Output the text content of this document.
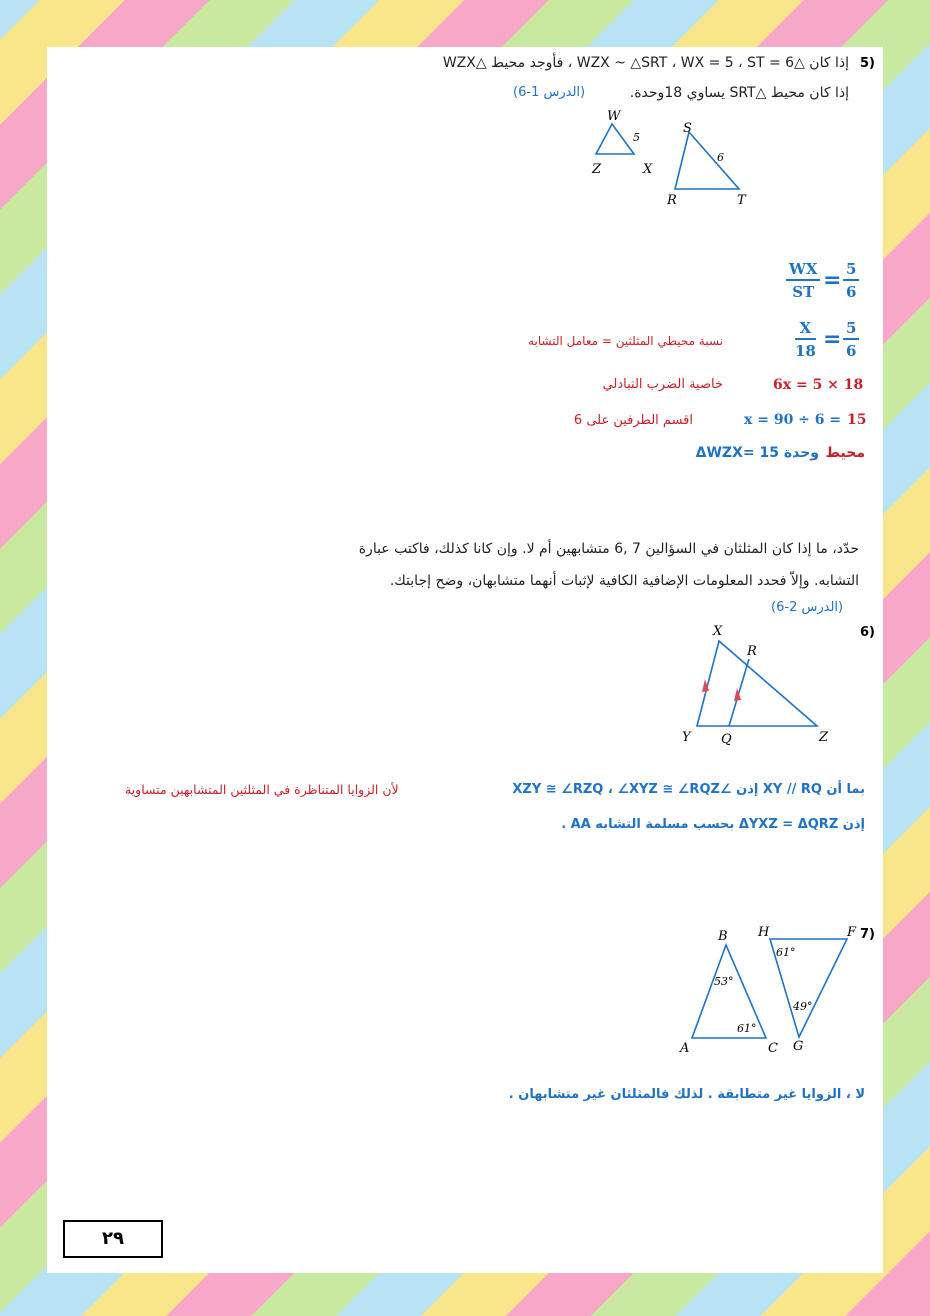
5)
إذا كان △WZX ~ △SRT ، WX = 5 ، ST = 6 ، فأوجد محيط △WZX
إذا كان محيط △SRT يساوي 18وحدة.
(الدرس 1-6)
W
5
Z	X
S
6
R	T
$\frac{WX}{ST} = \frac{5}{6}$
$\frac{X}{18} = \frac{5}{6}$
نسبة محيطي المثلثين = معامل التشابه
6x = 5 × 18
خاصية الضرب التبادلي
x = 90 ÷ 6 = 15
اقسم الطرفين على 6
محيط
ΔWZX= 15 وحدة
حدّد، ما إذا كان المثلثان في السؤالين 7 ,6 متشابهين أم لا. وإن كانا كذلك، فاكتب عبارة
التشابه. وإلاّ فحدد المعلومات الإضافية الكافية لإثبات أنهما متشابهان، وضح إجابتك.
(الدرس 2-6)
6)
X
R
Y Q	Z
بما أن XY // RQ إذن ∠XZY ≅ ∠RZQ ، ∠XYZ ≅ ∠RQZ
لأن الزوايا المتناظرة في المثلثين المتشابهين متساوية
إذن ΔYXZ = ΔQRZ بحسب مسلمة التشابه AA .
7)
B
53°
A
61°
C
H	F
61°
49°
G
لا ، الزوايا غير متطابقة . لذلك فالمثلثان غير متشابهان .
٢٩
